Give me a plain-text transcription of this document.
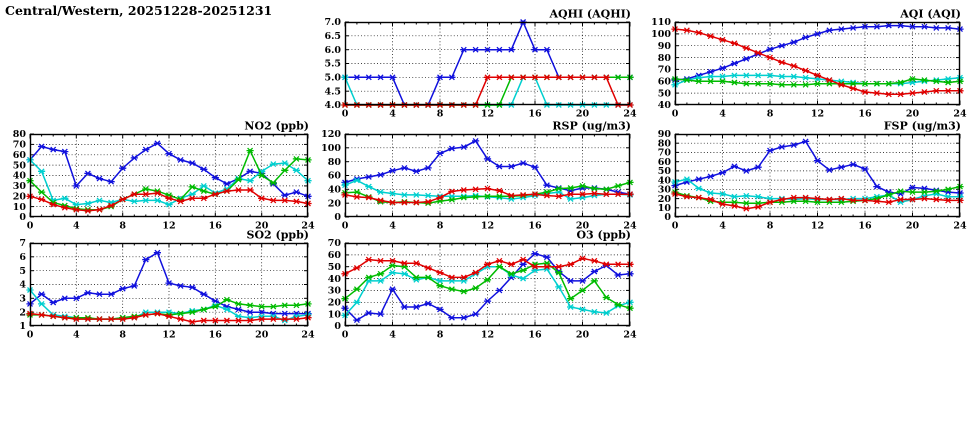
Central/Western, 20251228-20251231
4.0
4.5
5.0
5.5
6.0
6.5
7.0
0	4	8	12	16	20	24
AQHI (AQHI)
40
50
60
70
80
90
100
110
0	4	8	12	16	20	24
AQI (AQI)
0
10
20
30
40
50
60
70
80
0	4	8	12	16	20	24
NO2 (ppb)
0
20
40
60
80
100
120
0	4	8	12	16	20	24
RSP (ug/m3)
0
10
20
30
40
50
60
70
80
90
0	4	8	12	16	20	24
FSP (ug/m3)
1
2
3
4
5
6
7
0	4	8	12	16	20	24
SO2 (ppb)
0
10
20
30
40
50
60
70
0	4	8	12	16	20	24
O3 (ppb)
